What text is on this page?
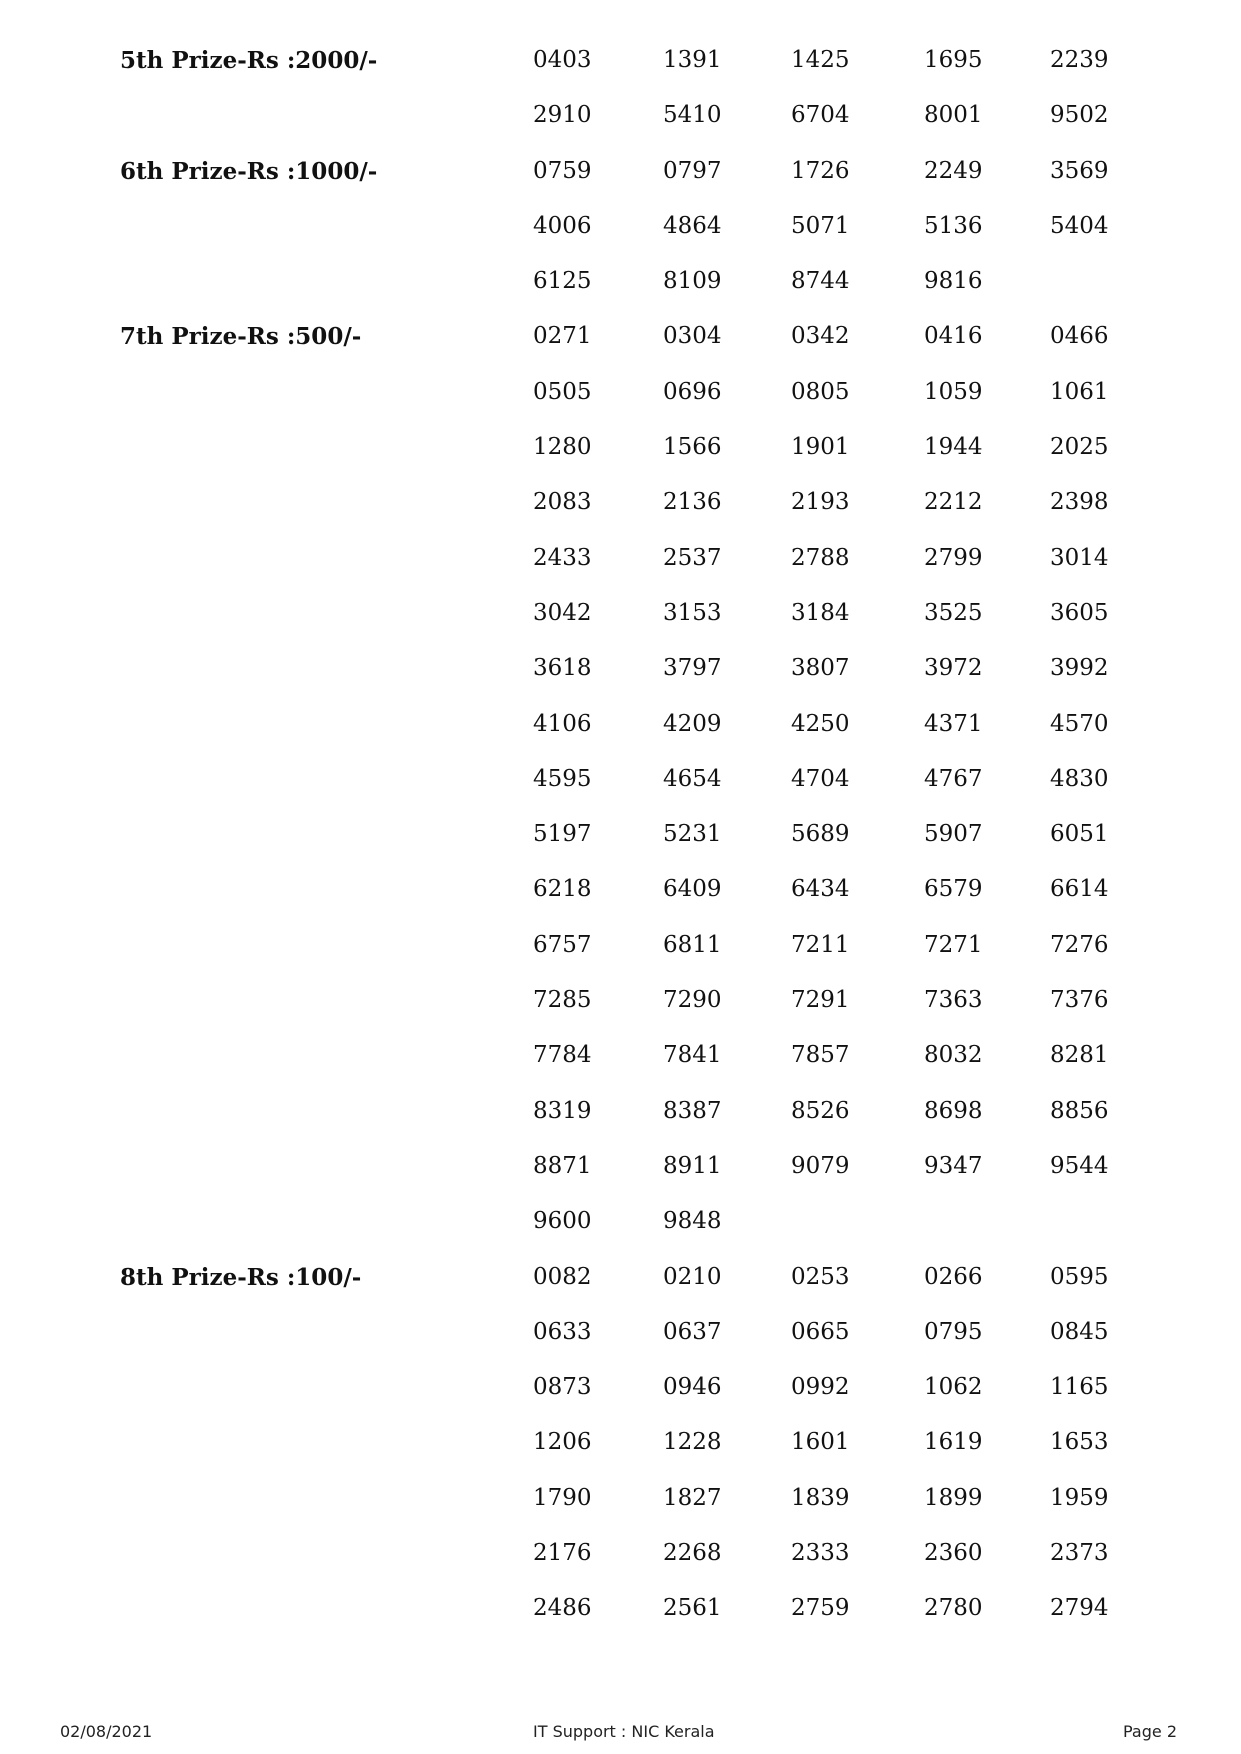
5th Prize-Rs :2000/-	0403	1391	1425	1695	2239
2910	5410	6704	8001	9502
6th Prize-Rs :1000/-	0759	0797	1726	2249	3569
4006	4864	5071	5136	5404
6125	8109	8744	9816
7th Prize-Rs :500/-	0271	0304	0342	0416	0466
0505	0696	0805	1059	1061
1280	1566	1901	1944	2025
2083	2136	2193	2212	2398
2433	2537	2788	2799	3014
3042	3153	3184	3525	3605
3618	3797	3807	3972	3992
4106	4209	4250	4371	4570
4595	4654	4704	4767	4830
5197	5231	5689	5907	6051
6218	6409	6434	6579	6614
6757	6811	7211	7271	7276
7285	7290	7291	7363	7376
7784	7841	7857	8032	8281
8319	8387	8526	8698	8856
8871	8911	9079	9347	9544
9600	9848
8th Prize-Rs :100/-	0082	0210	0253	0266	0595
0633	0637	0665	0795	0845
0873	0946	0992	1062	1165
1206	1228	1601	1619	1653
1790	1827	1839	1899	1959
2176	2268	2333	2360	2373
2486	2561	2759	2780	2794
02/08/2021	IT Support : NIC Kerala	Page 2
